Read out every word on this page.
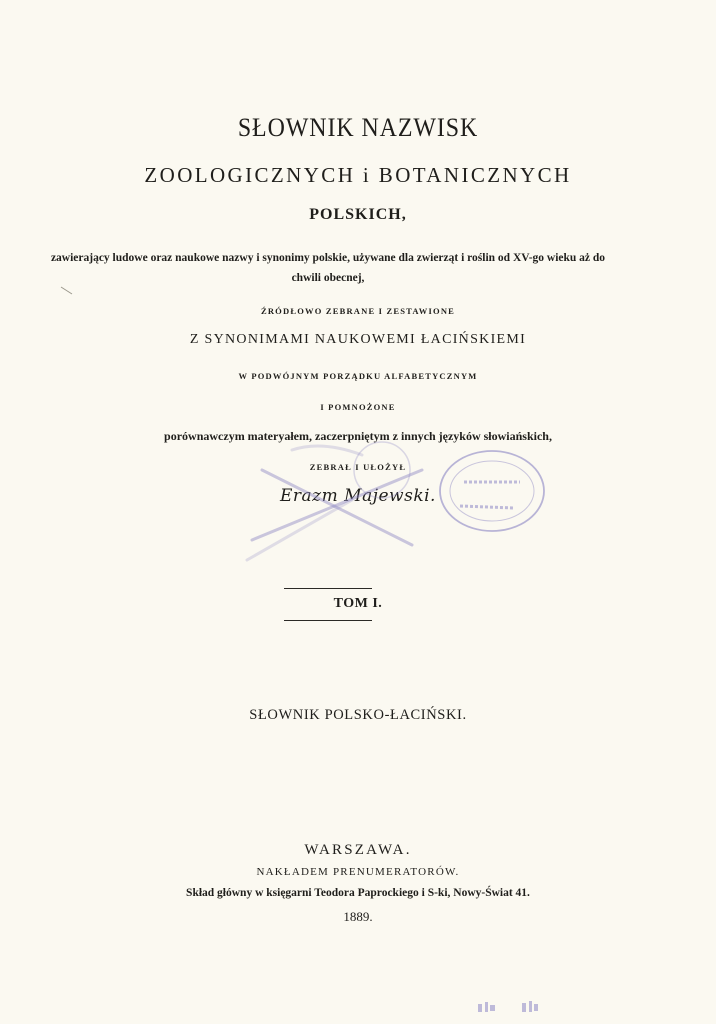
SŁOWNIK NAZWISK
ZOOLOGICZNYCH i BOTANICZNYCH
POLSKICH,
zawierający ludowe oraz naukowe nazwy i synonimy polskie, używane dla zwierząt i roślin od XV-go wieku aż do chwili obecnej,
ŹRÓDŁOWO ZEBRANE I ZESTAWIONE
Z SYNONIMAMI NAUKOWEMI ŁACIŃSKIEMI
W PODWÓJNYM PORZĄDKU ALFABETYCZNYM
I POMNOŻONE
porównawczym materyałem, zaczerpniętym z innych języków słowiańskich,
ZEBRAŁ I UŁOŻYŁ
Erazm Majewski.
TOM I.
SŁOWNIK POLSKO-ŁACIŃSKI.
WARSZAWA.
NAKŁADEM PRENUMERATORÓW.
Skład główny w księgarni Teodora Paprockiego i S-ki, Nowy-Świat 41.
1889.
